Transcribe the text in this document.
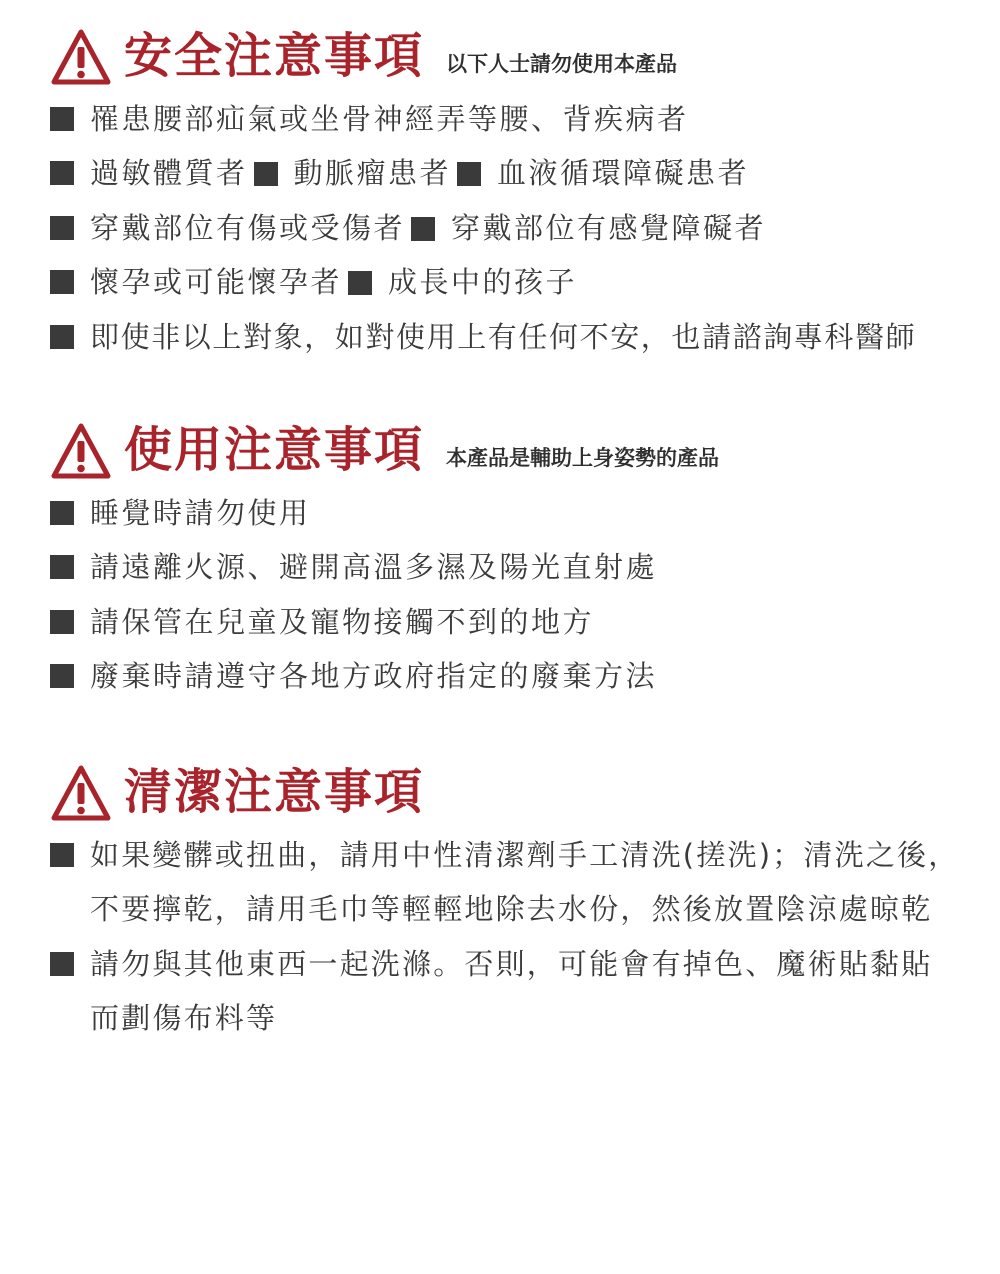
安全注意事項 以下人士請勿使用本產品
罹患腰部疝氣或坐骨神經弄等腰、背疾病者
過敏體質者 動脈瘤患者 血液循環障礙患者
穿戴部位有傷或受傷者 穿戴部位有感覺障礙者
懷孕或可能懷孕者 成長中的孩子
即使非以上對象，如對使用上有任何不安，也請諮詢專科醫師
使用注意事項 本產品是輔助上身姿勢的產品
睡覺時請勿使用
請遠離火源、避開高溫多濕及陽光直射處
請保管在兒童及寵物接觸不到的地方
廢棄時請遵守各地方政府指定的廢棄方法
清潔注意事項
如果變髒或扭曲，請用中性清潔劑手工清洗(搓洗)；清洗之後，不要擰乾，請用毛巾等輕輕地除去水份，然後放置陰涼處晾乾
請勿與其他東西一起洗滌。否則，可能會有掉色、魔術貼黏貼而劃傷布料等
